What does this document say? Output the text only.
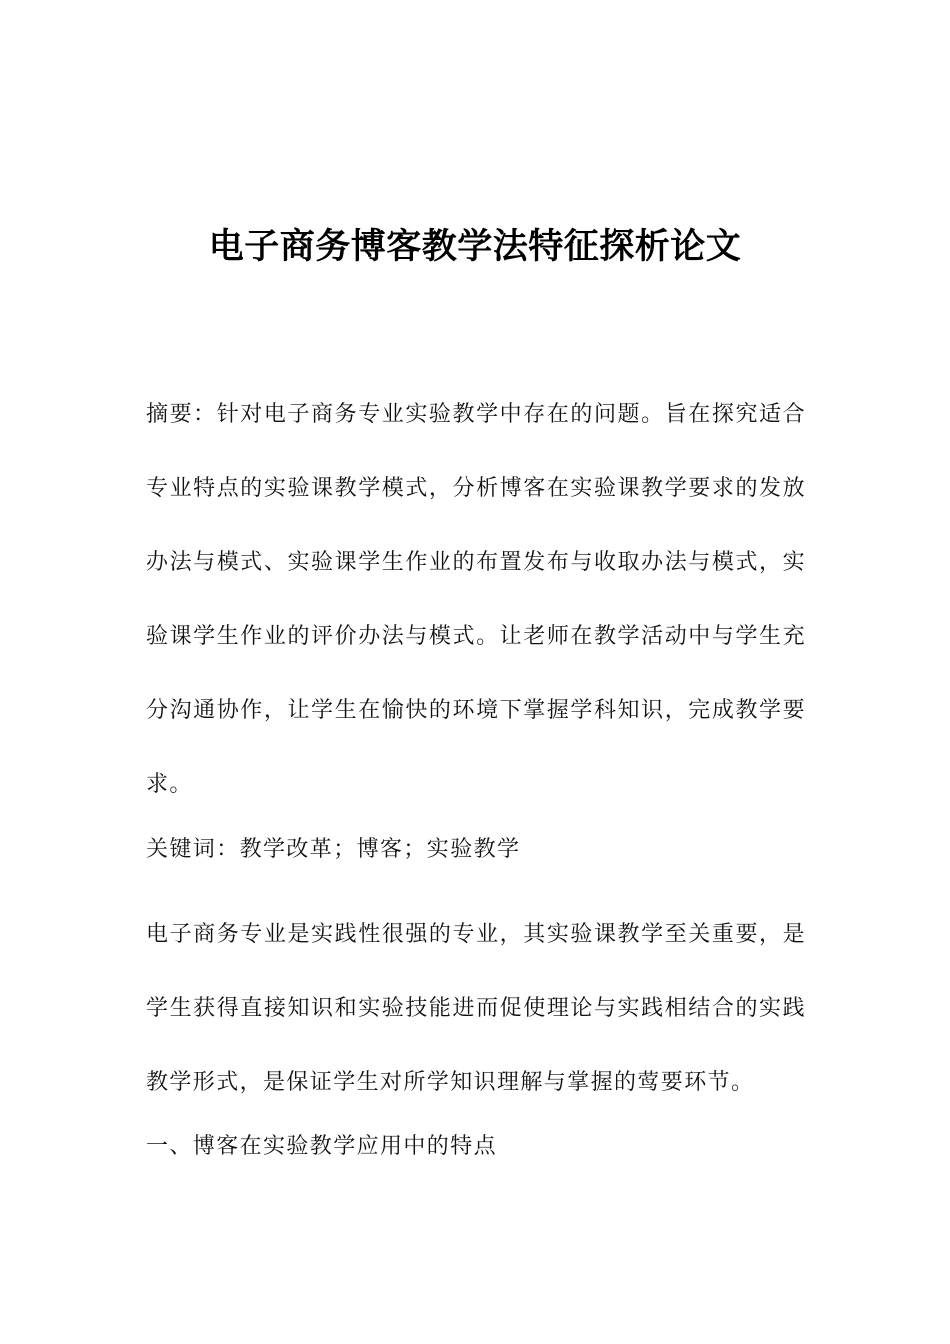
电子商务博客教学法特征探析论文
摘要：针对电子商务专业实验教学中存在的问题。旨在探究适合专业特点的实验课教学模式，分析博客在实验课教学要求的发放办法与模式、实验课学生作业的布置发布与收取办法与模式，实验课学生作业的评价办法与模式。让老师在教学活动中与学生充分沟通协作，让学生在愉快的环境下掌握学科知识，完成教学要求。
关键词：教学改革；博客；实验教学
电子商务专业是实践性很强的专业，其实验课教学至关重要，是学生获得直接知识和实验技能进而促使理论与实践相结合的实践教学形式，是保证学生对所学知识理解与掌握的莺要环节。
一、博客在实验教学应用中的特点
